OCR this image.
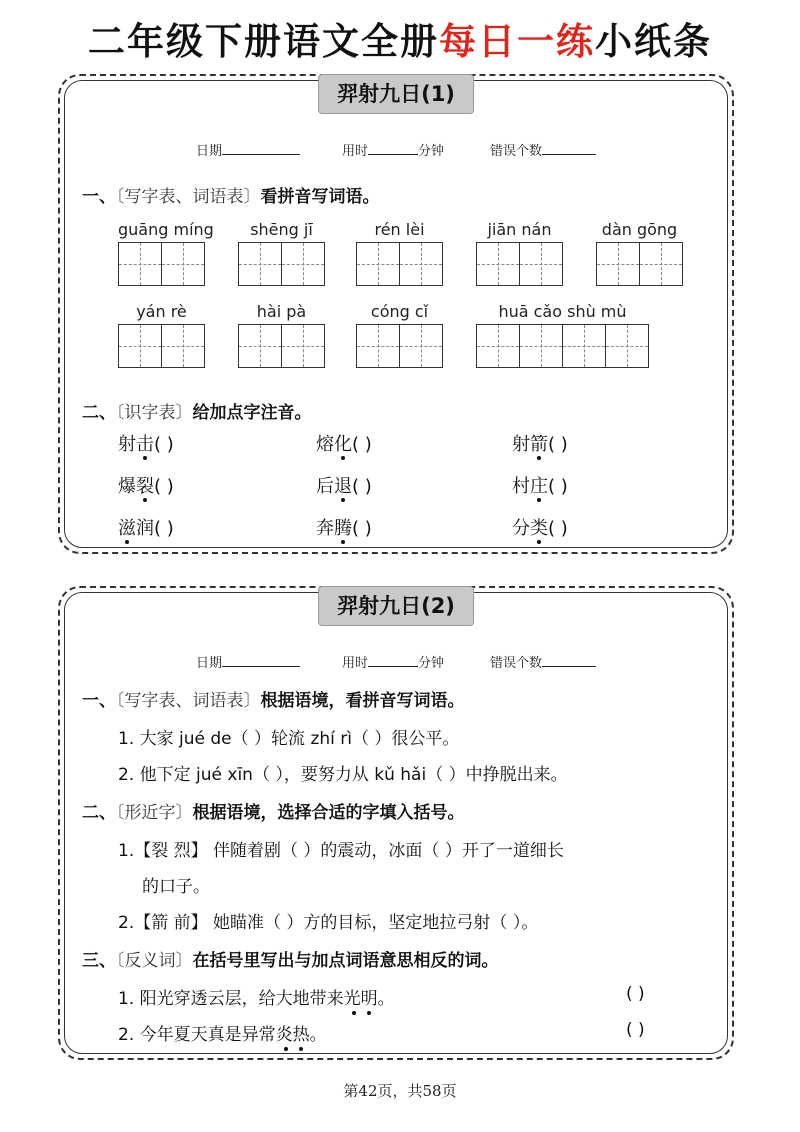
二年级下册语文全册每日一练小纸条
羿射九日(1)
日期	用时	分钟	错误个数
一、〔写字表、词语表〕看拼音写词语。
guāng míng	shēng jī	rén lèi	jiān nán	dàn gōng
yán rè	hài pà	cóng cǐ	huā cǎo shù mù
二、〔识字表〕给加点字注音。
射击( )	熔化( )	射箭( )
爆裂( )	后退( )	村庄( )
滋润( )	奔腾( )	分类( )
羿射九日(2)
日期	用时	分钟	错误个数
一、〔写字表、词语表〕根据语境，看拼音写词语。
1. 大家 jué de（ ）轮流 zhí rì（ ）很公平。
2. 他下定 jué xīn（ ），要努力从 kǔ hǎi（ ）中挣脱出来。
二、〔形近字〕根据语境，选择合适的字填入括号。
1.【裂 烈】 伴随着剧（ ）的震动，冰面（ ）开了一道细长
的口子。
2.【箭 前】 她瞄准（ ）方的目标，坚定地拉弓射（ ）。
三、〔反义词〕在括号里写出与加点词语意思相反的词。
1. 阳光穿透云层，给大地带来光明。	( )
2. 今年夏天真是异常炎热。	( )
第42页，共58页
